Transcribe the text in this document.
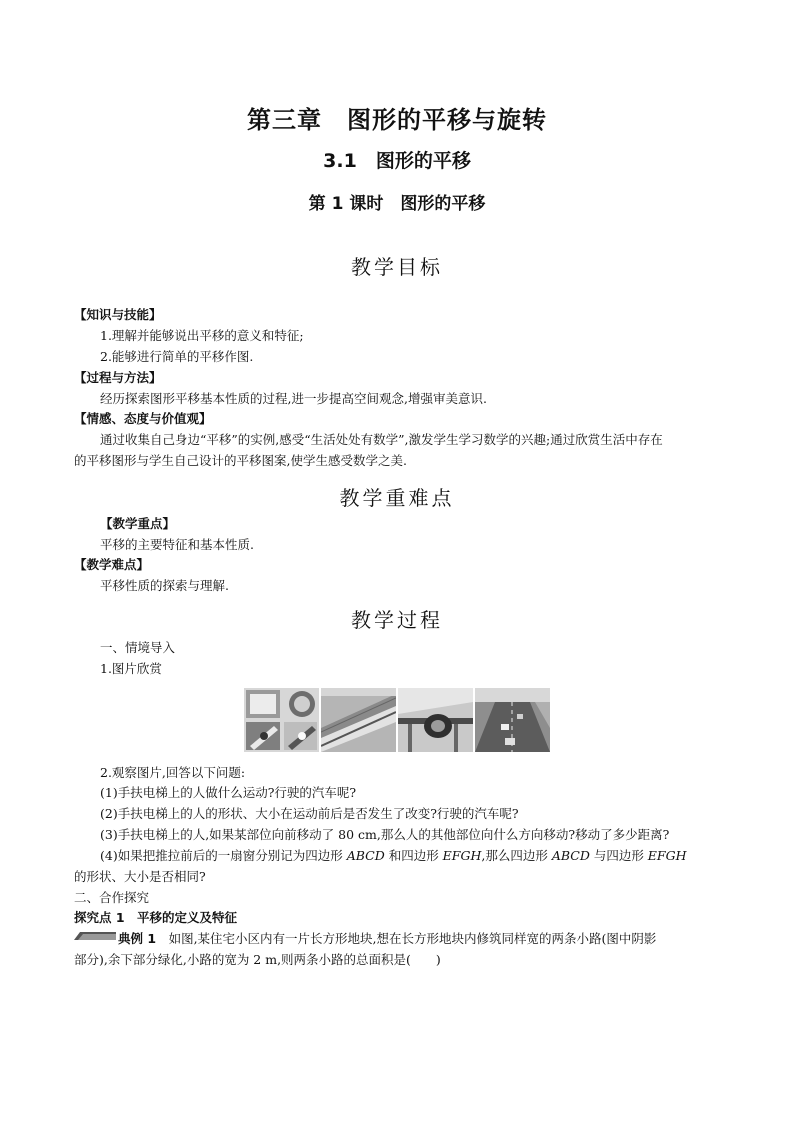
第三章　图形的平移与旋转
3.1　图形的平移
第 1 课时　图形的平移
教学目标
【知识与技能】
1.理解并能够说出平移的意义和特征;
2.能够进行简单的平移作图.
【过程与方法】
经历探索图形平移基本性质的过程,进一步提高空间观念,增强审美意识.
【情感、态度与价值观】
通过收集自己身边“平移”的实例,感受“生活处处有数学”,激发学生学习数学的兴趣;通过欣赏生活中存在
的平移图形与学生自己设计的平移图案,使学生感受数学之美.
教学重难点
【教学重点】
平移的主要特征和基本性质.
【教学难点】
平移性质的探索与理解.
教学过程
一、情境导入
1.图片欣赏
2.观察图片,回答以下问题:
(1)手扶电梯上的人做什么运动?行驶的汽车呢?
(2)手扶电梯上的人的形状、大小在运动前后是否发生了改变?行驶的汽车呢?
(3)手扶电梯上的人,如果某部位向前移动了 80 cm,那么人的其他部位向什么方向移动?移动了多少距离?
(4)如果把推拉前后的一扇窗分别记为四边形 ABCD 和四边形 EFGH,那么四边形 ABCD 与四边形 EFGH
的形状、大小是否相同?
二、合作探究
探究点 1　平移的定义及特征
典例 1　如图,某住宅小区内有一片长方形地块,想在长方形地块内修筑同样宽的两条小路(图中阴影
部分),余下部分绿化,小路的宽为 2 m,则两条小路的总面积是(　　)
